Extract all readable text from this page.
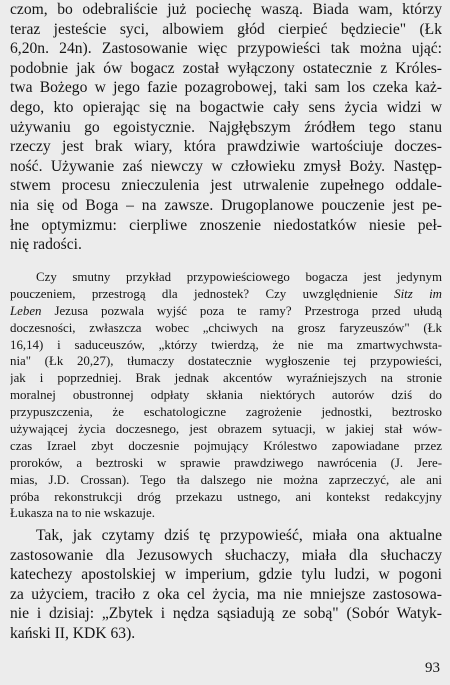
czom, bo odebraliście już pociechę waszą. Biada wam, którzy
teraz jesteście syci, albowiem głód cierpieć będziecie" (Łk
6,20n. 24n). Zastosowanie więc przypowieści tak można ująć:
podobnie jak ów bogacz został wyłączony ostatecznie z Króles-
twa Bożego w jego fazie pozagrobowej, taki sam los czeka każ-
dego, kto opierając się na bogactwie cały sens życia widzi w
używaniu go egoistycznie. Najgłębszym źródłem tego stanu
rzeczy jest brak wiary, która prawdziwie wartościuje doczes-
ność. Używanie zaś niewczy w człowieku zmysł Boży. Następ-
stwem procesu znieczulenia jest utrwalenie zupełnego oddale-
nia się od Boga – na zawsze. Drugoplanowe pouczenie jest pe-
łne optymizmu: cierpliwe znoszenie niedostatków niesie peł-
nię radości.
Czy smutny przykład przypowieściowego bogacza jest jedynym
pouczeniem, przestrogą dla jednostek? Czy uwzględnienie Sitz im
Leben Jezusa pozwala wyjść poza te ramy? Przestroga przed ułudą
doczesności, zwłaszcza wobec „chciwych na grosz faryzeuszów" (Łk
16,14) i saduceuszów, „którzy twierdzą, że nie ma zmartwychwsta-
nia" (Łk 20,27), tłumaczy dostatecznie wygłoszenie tej przypowieści,
jak i poprzedniej. Brak jednak akcentów wyraźniejszych na stronie
moralnej obustronnej odpłaty skłania niektórych autorów dziś do
przypuszczenia, że eschatologiczne zagrożenie jednostki, beztrosko
używającej życia doczesnego, jest obrazem sytuacji, w jakiej stał wów-
czas Izrael zbyt doczesnie pojmujący Królestwo zapowiadane przez
proroków, a beztroski w sprawie prawdziwego nawrócenia (J. Jere-
mias, J.D. Crossan). Tego tła dalszego nie można zaprzeczyć, ale ani
próba rekonstrukcji dróg przekazu ustnego, ani kontekst redakcyjny
Łukasza na to nie wskazuje.
Tak, jak czytamy dziś tę przypowieść, miała ona aktualne
zastosowanie dla Jezusowych słuchaczy, miała dla słuchaczy
katechezy apostolskiej w imperium, gdzie tylu ludzi, w pogoni
za użyciem, traciło z oka cel życia, ma nie mniejsze zastosowa-
nie i dzisiaj: „Zbytek i nędza sąsiadują ze sobą" (Sobór Watyk-
kański II, KDK 63).
93
